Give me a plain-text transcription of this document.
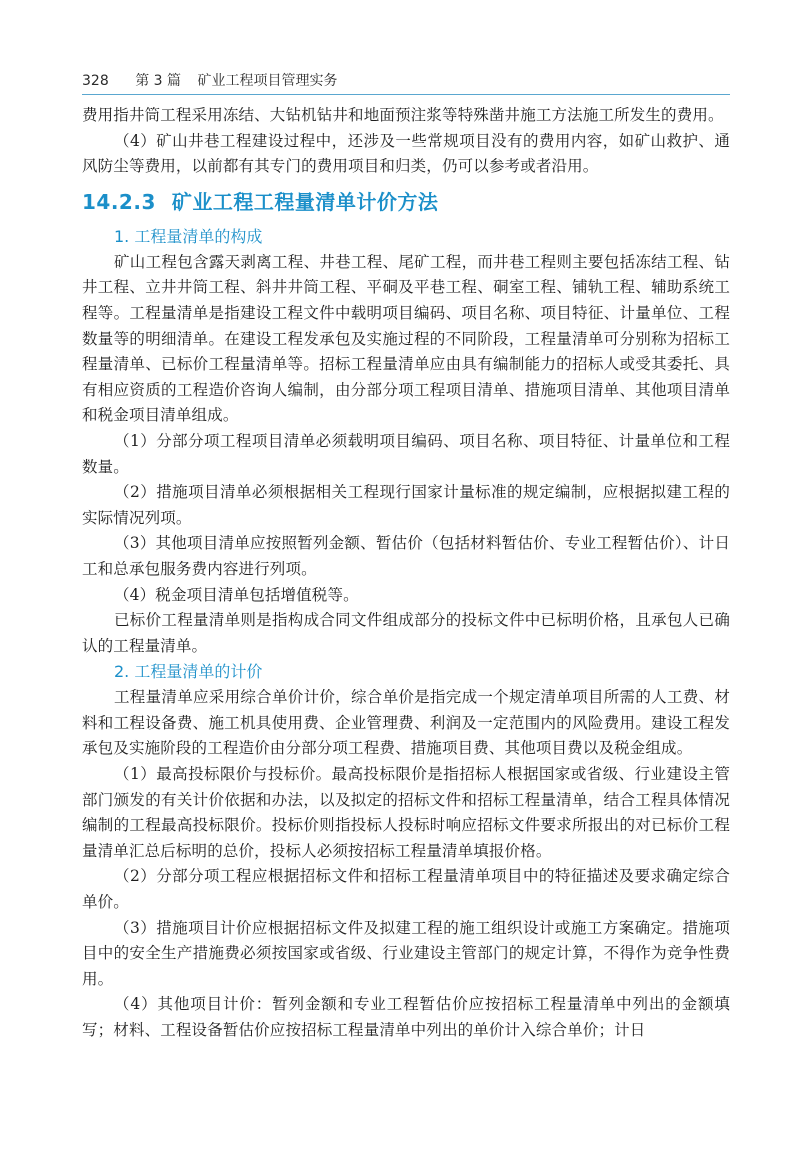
328 第 3 篇 矿业工程项目管理实务

费用指井筒工程采用冻结、大钻机钻井和地面预注浆等特殊凿井施工方法施工所发生的费用。

（4）矿山井巷工程建设过程中，还涉及一些常规项目没有的费用内容，如矿山救护、通风防尘等费用，以前都有其专门的费用项目和归类，仍可以参考或者沿用。

14.2.3 矿业工程工程量清单计价方法
1. 工程量清单的构成

矿山工程包含露天剥离工程、井巷工程、尾矿工程，而井巷工程则主要包括冻结工程、钻井工程、立井井筒工程、斜井井筒工程、平硐及平巷工程、硐室工程、铺轨工程、辅助系统工程等。工程量清单是指建设工程文件中载明项目编码、项目名称、项目特征、计量单位、工程数量等的明细清单。在建设工程发承包及实施过程的不同阶段，工程量清单可分别称为招标工程量清单、已标价工程量清单等。招标工程量清单应由具有编制能力的招标人或受其委托、具有相应资质的工程造价咨询人编制，由分部分项工程项目清单、措施项目清单、其他项目清单和税金项目清单组成。

（1）分部分项工程项目清单必须载明项目编码、项目名称、项目特征、计量单位和工程数量。

（2）措施项目清单必须根据相关工程现行国家计量标准的规定编制，应根据拟建工程的实际情况列项。

（3）其他项目清单应按照暂列金额、暂估价（包括材料暂估价、专业工程暂估价）、计日工和总承包服务费内容进行列项。

（4）税金项目清单包括增值税等。

已标价工程量清单则是指构成合同文件组成部分的投标文件中已标明价格，且承包人已确认的工程量清单。

2. 工程量清单的计价

工程量清单应采用综合单价计价，综合单价是指完成一个规定清单项目所需的人工费、材料和工程设备费、施工机具使用费、企业管理费、利润及一定范围内的风险费用。建设工程发承包及实施阶段的工程造价由分部分项工程费、措施项目费、其他项目费以及税金组成。

（1）最高投标限价与投标价。最高投标限价是指招标人根据国家或省级、行业建设主管部门颁发的有关计价依据和办法，以及拟定的招标文件和招标工程量清单，结合工程具体情况编制的工程最高投标限价。投标价则指投标人投标时响应招标文件要求所报出的对已标价工程量清单汇总后标明的总价，投标人必须按招标工程量清单填报价格。

（2）分部分项工程应根据招标文件和招标工程量清单项目中的特征描述及要求确定综合单价。

（3）措施项目计价应根据招标文件及拟建工程的施工组织设计或施工方案确定。措施项目中的安全生产措施费必须按国家或省级、行业建设主管部门的规定计算，不得作为竞争性费用。

（4）其他项目计价：暂列金额和专业工程暂估价应按招标工程量清单中列出的金额填写；材料、工程设备暂估价应按招标工程量清单中列出的单价计入综合单价；计日
